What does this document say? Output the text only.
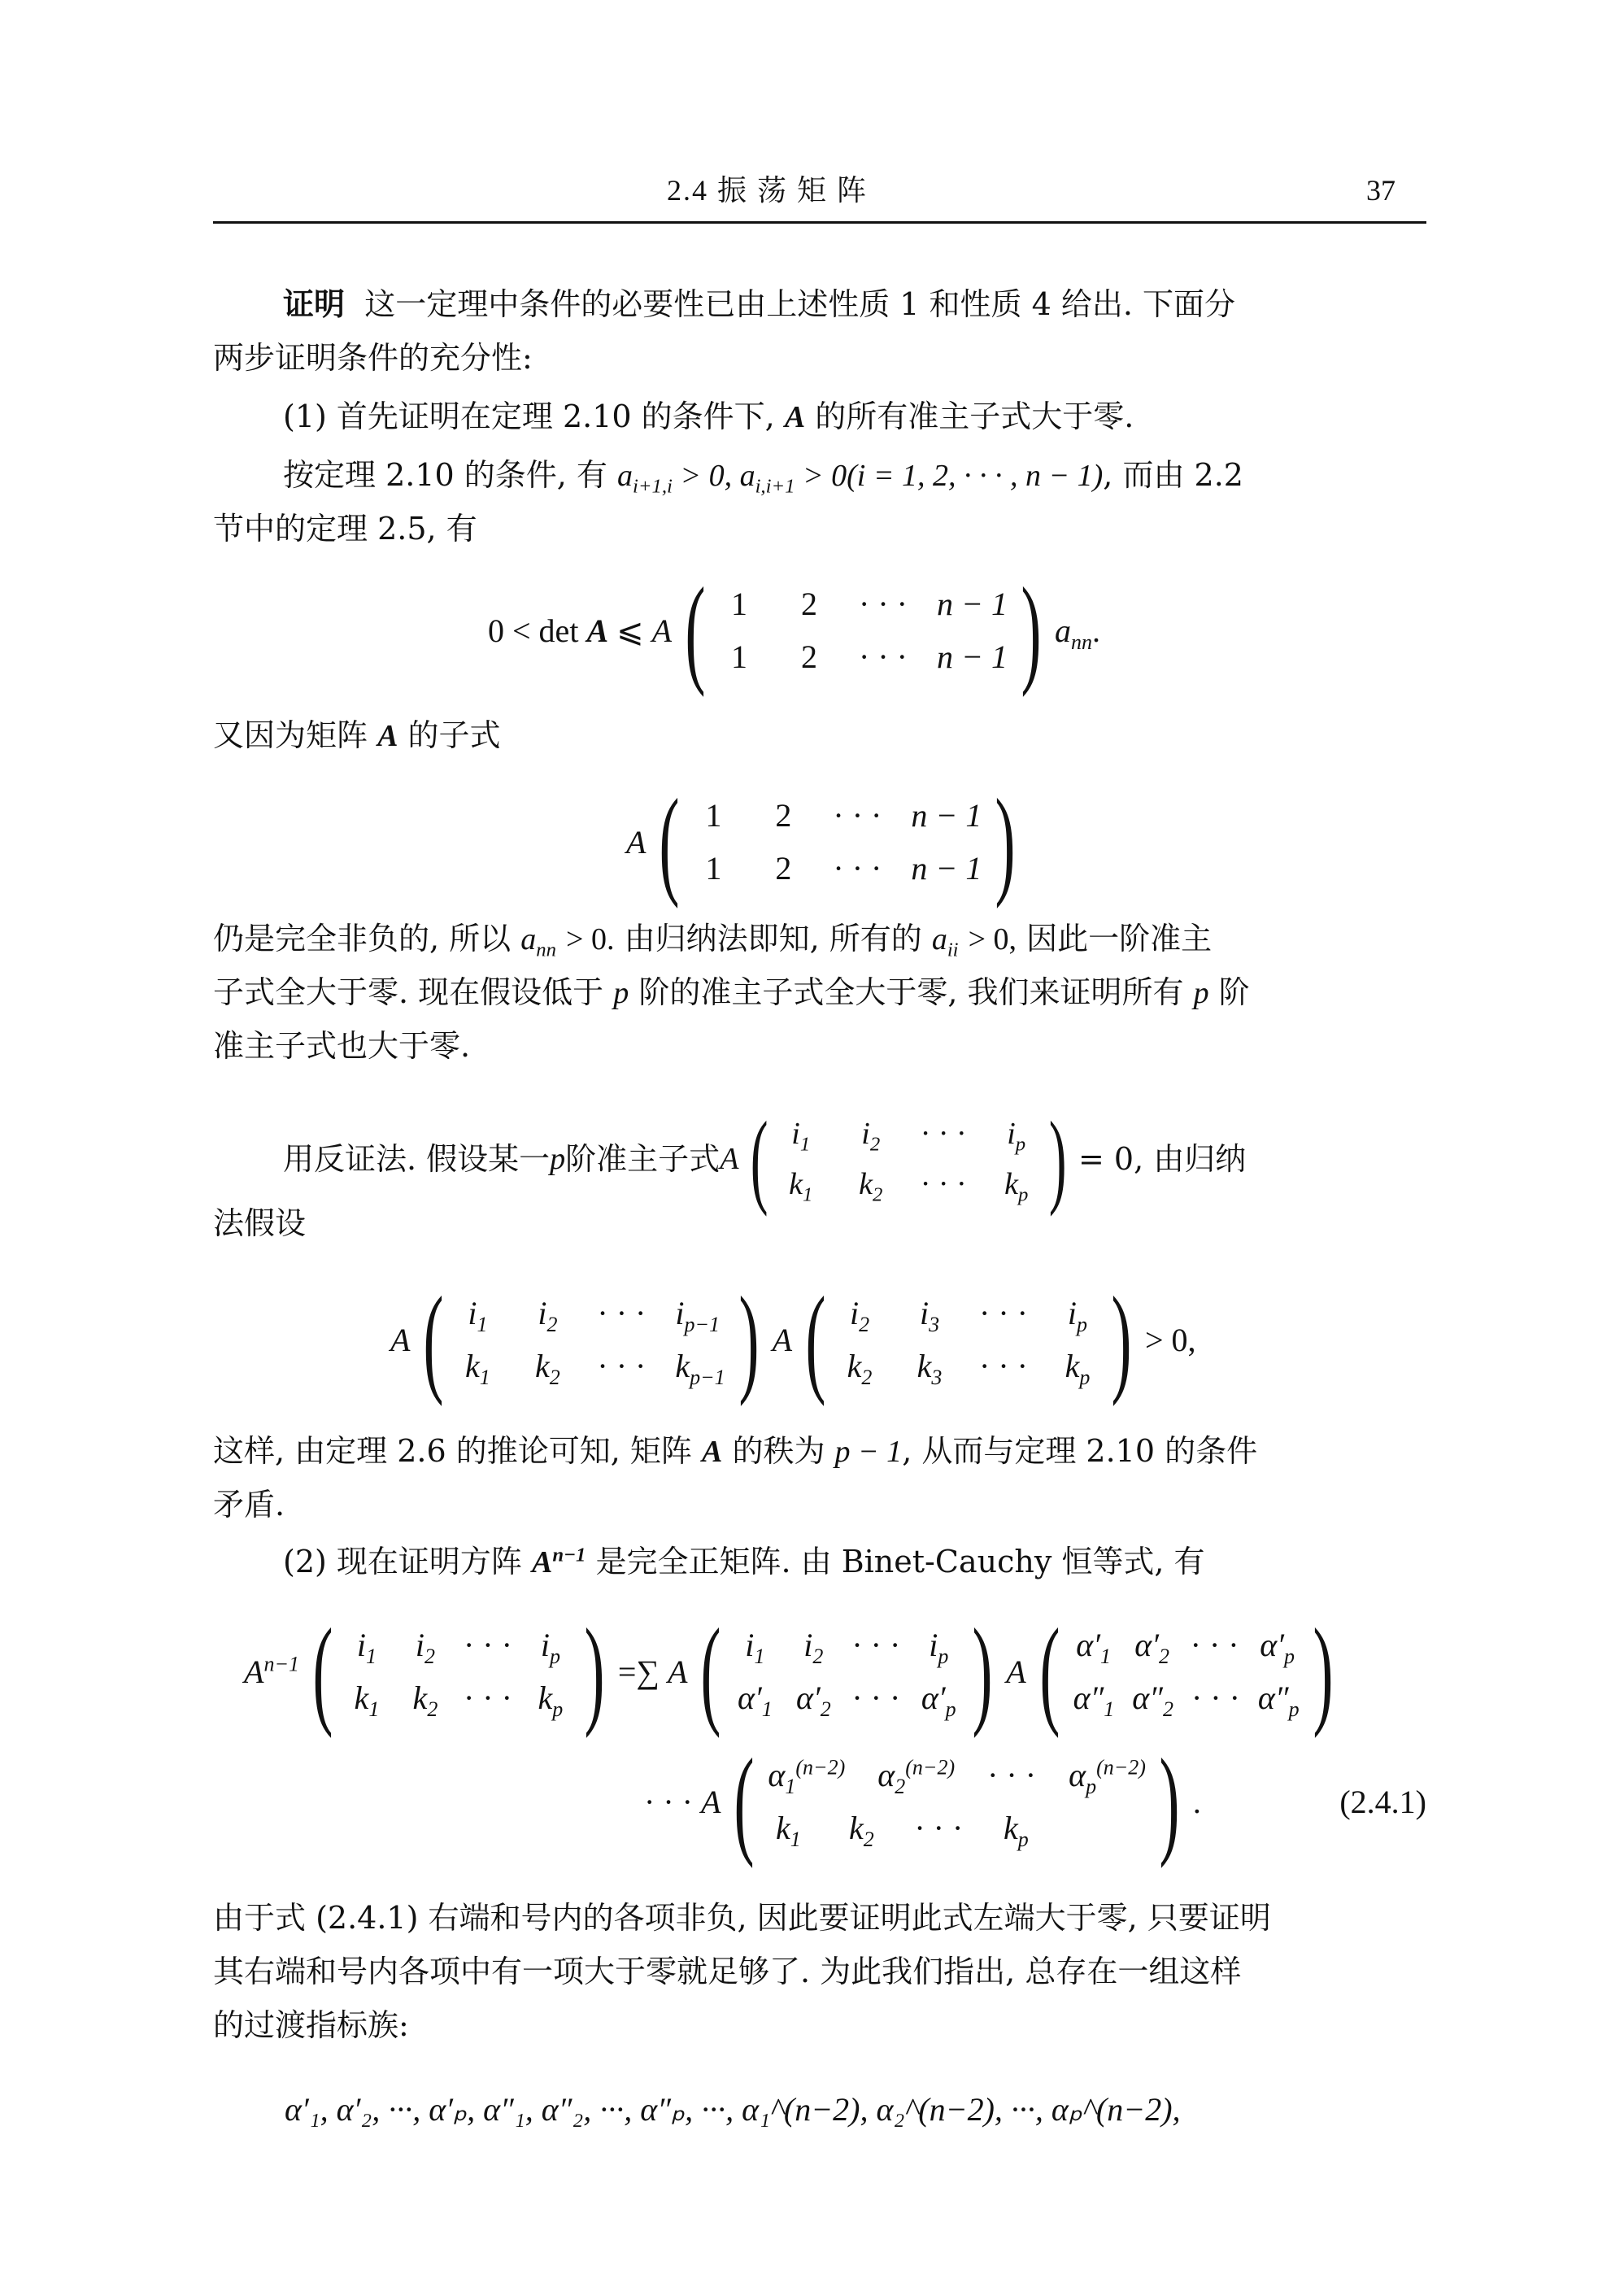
2.4 振 荡 矩 阵	37
证明 这一定理中条件的必要性已由上述性质 1 和性质 4 给出. 下面分
两步证明条件的充分性:
(1) 首先证明在定理 2.10 的条件下, A 的所有准主子式大于零.
按定理 2.10 的条件, 有 $a_{i+1,i} > 0$, $a_{i,i+1} > 0(i = 1$, 2, · · · , n − 1), 而由 2.2
节中的定理 2.5, 有
0 < det A ⩽ A ( 1	2	· · · n − 1
1	2	· · · n − 1 ) $a_{nn}$ .
又因为矩阵 A 的子式
A ( 1	2	· · · n − 1
1	2	· · · n − 1 )
仍是完全非负的, 所以 $a_{nn} > 0$. 由归纳法即知, 所有的 $a_{ii} > 0$, 因此一阶准主
子式全大于零. 现在假设低于 p 阶的准主子式全大于零, 我们来证明所有 p 阶
准主子式也大于零.
用反证法. 假设某一 p 阶准主子式 A ( $i_1$	$i_2$	· · ·	$i_p$
$k_1$ $k_2$ · · · $k_p$ ) = 0, 由归纳
法假设
A ( $i_1$	$i_2$	· · · $i_{p-1}$
$k_1$ $k_2$ · · · $k_{p-1}$ ) A ( $i_2$	$i_3$	· · ·	$i_p$
$k_2$ $k_3$ · · · $k_p$ ) > 0,
这样, 由定理 2.6 的推论可知, 矩阵 A 的秩为 p − 1, 从而与定理 2.10 的条件
矛盾.
(2) 现在证明方阵 $A^{n-1}$ 是完全正矩阵. 由 Binet-Cauchy 恒等式, 有
$A^{n-1}$ ( $i_1$	$i_2$ · · · $i_p$
$k_1$ $k_2$ · · · $k_p$ ) =∑ A ( $i_1$	$i_2$ · · · $i_p$
$\alpha'_1$ $\alpha'_2$ · · · $\alpha'_p$ ) A ( $\alpha'_1$ $\alpha'_2$ · · · $\alpha'_p$
$\alpha''_1$ $\alpha''_2$ · · · $\alpha''_p$ )
· · · A ( $\alpha_1^{(n-2)}$ $\alpha_2^{(n-2)}$ · · · $\alpha_p^{(n-2)}$
$k_1$ $k_2$ · · · $k_p$ ) .	(2.4.1)
由于式 (2.4.1) 右端和号内的各项非负, 因此要证明此式左端大于零, 只要证明
其右端和号内各项中有一项大于零就足够了. 为此我们指出, 总存在一组这样
的过渡指标族:
α′₁, α′₂, ···, α′ₚ, α″₁, α″₂, ···, α″ₚ, ···, α₁^(n−2), α₂^(n−2), ···, αₚ^(n−2),
